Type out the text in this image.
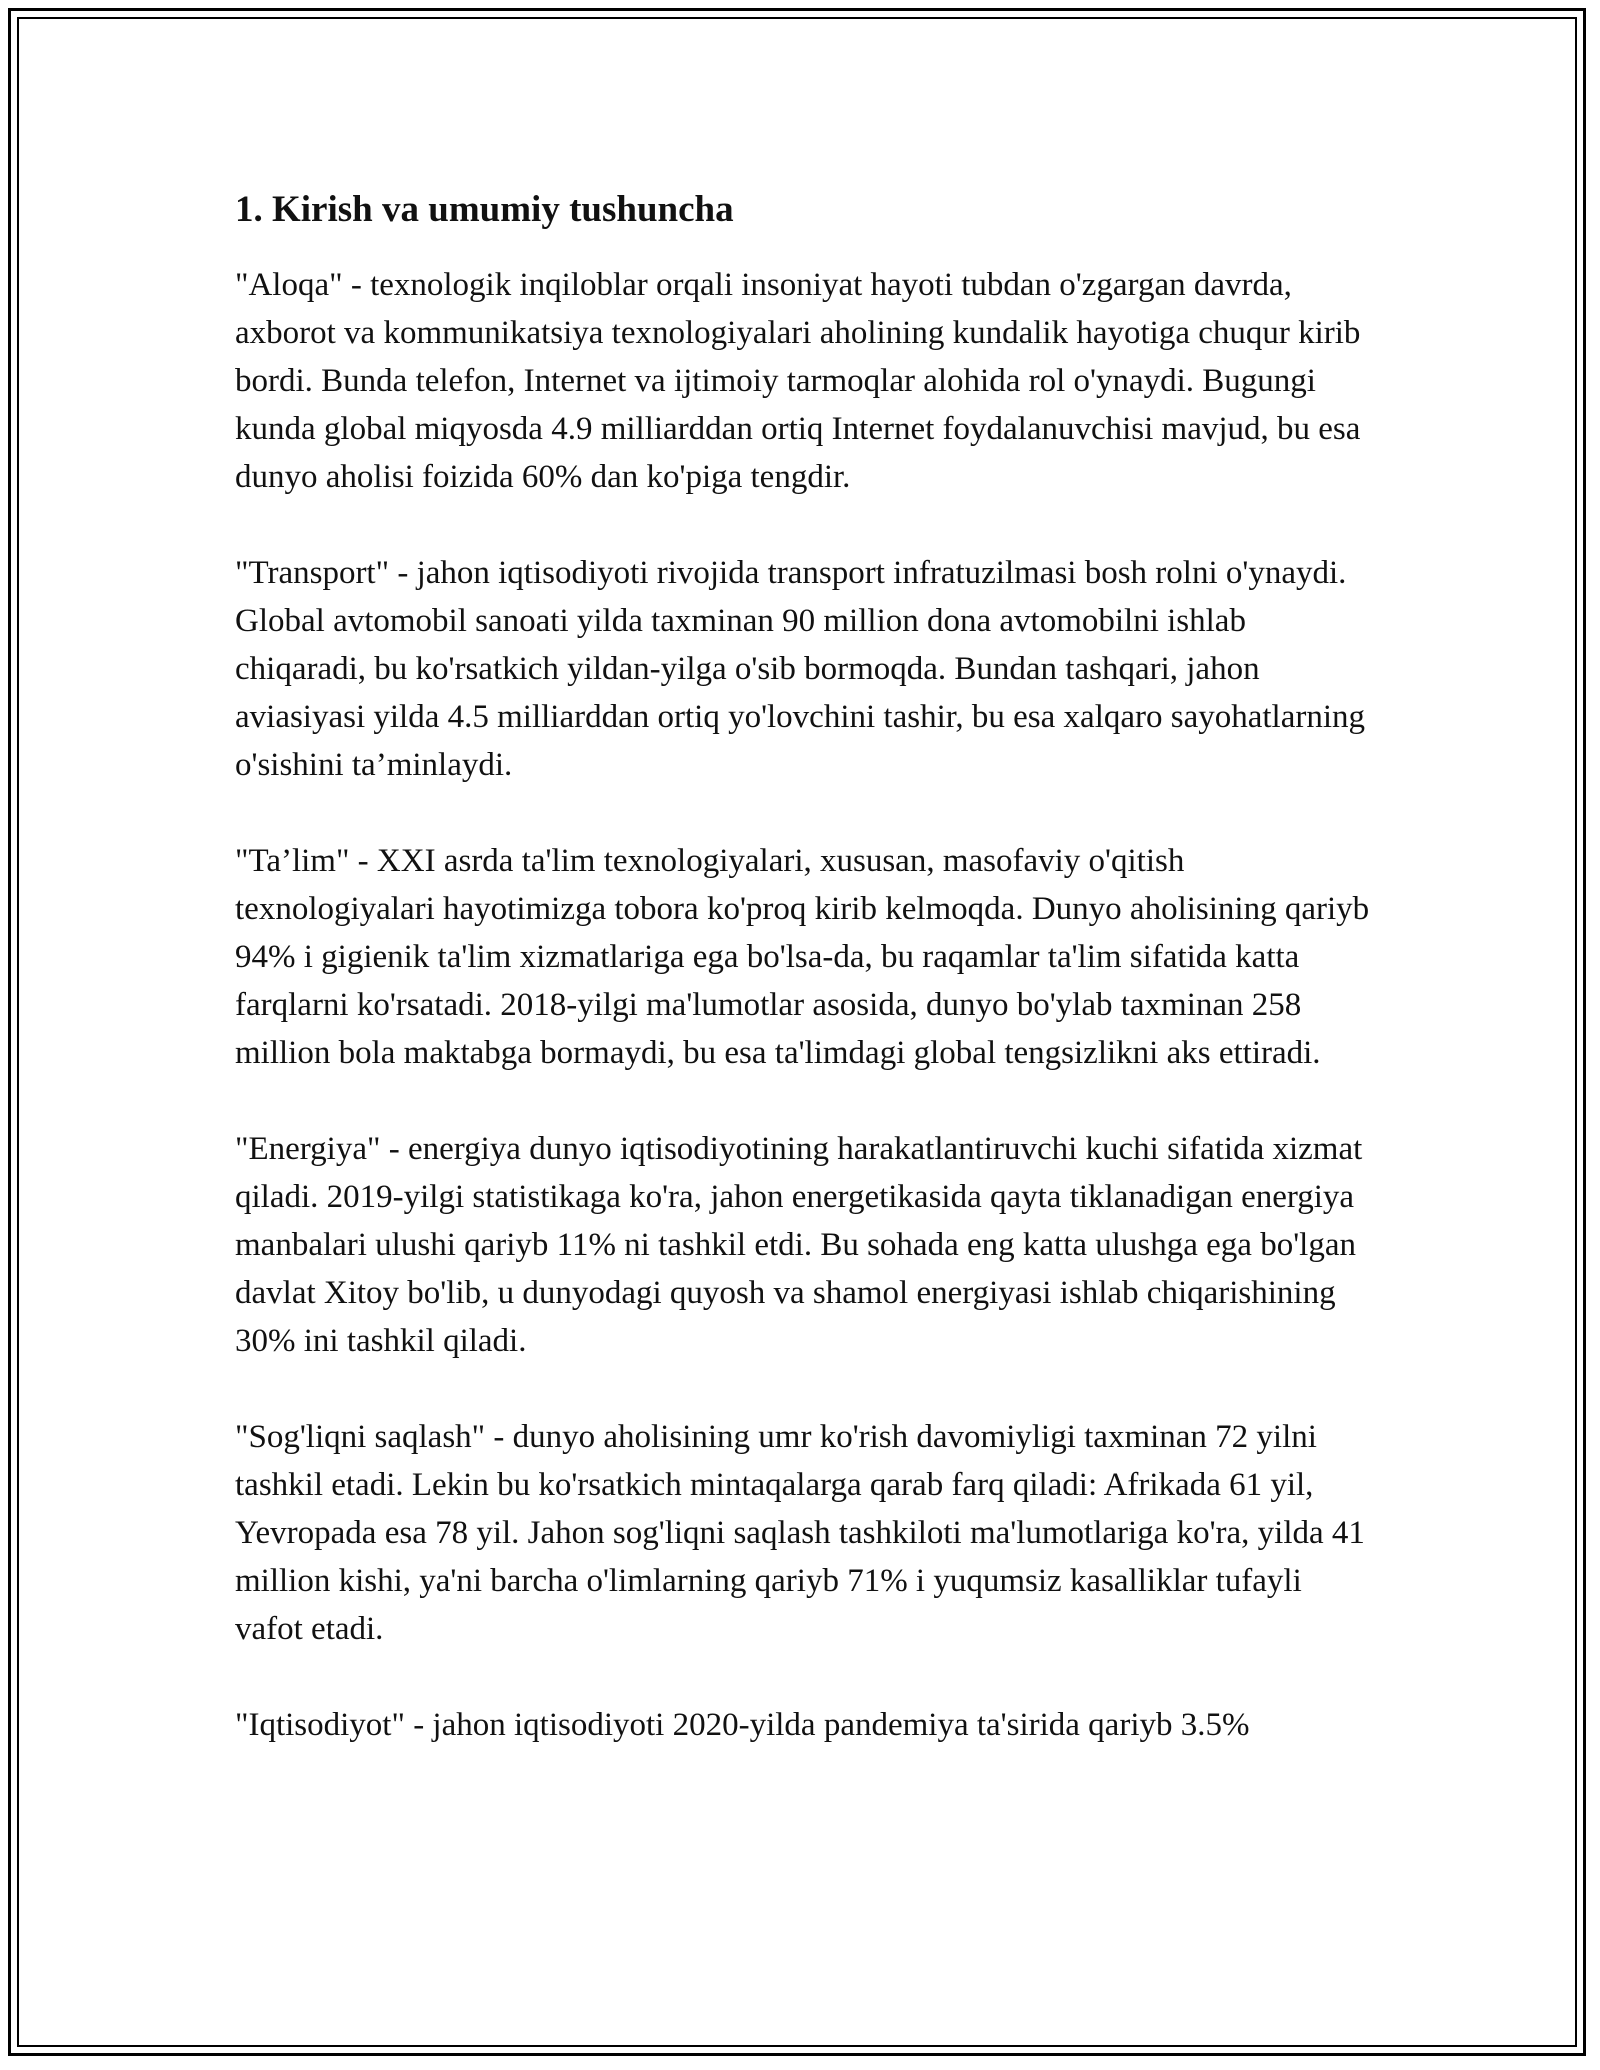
1. Kirish va umumiy tushuncha

"Aloqa" - texnologik inqiloblar orqali insoniyat hayoti tubdan o'zgargan davrda, axborot va kommunikatsiya texnologiyalari aholining kundalik hayotiga chuqur kirib bordi. Bunda telefon, Internet va ijtimoiy tarmoqlar alohida rol o'ynaydi. Bugungi kunda global miqyosda 4.9 milliarddan ortiq Internet foydalanuvchisi mavjud, bu esa dunyo aholisi foizida 60% dan ko'piga tengdir.

"Transport" - jahon iqtisodiyoti rivojida transport infratuzilmasi bosh rolni o'ynaydi. Global avtomobil sanoati yilda taxminan 90 million dona avtomobilni ishlab chiqaradi, bu ko'rsatkich yildan-yilga o'sib bormoqda. Bundan tashqari, jahon aviasiyasi yilda 4.5 milliarddan ortiq yo'lovchini tashir, bu esa xalqaro sayohatlarning o'sishini ta’minlaydi.

"Ta’lim" - XXI asrda ta'lim texnologiyalari, xususan, masofaviy o'qitish texnologiyalari hayotimizga tobora ko'proq kirib kelmoqda. Dunyo aholisining qariyb 94% i gigienik ta'lim xizmatlariga ega bo'lsa-da, bu raqamlar ta'lim sifatida katta farqlarni ko'rsatadi. 2018-yilgi ma'lumotlar asosida, dunyo bo'ylab taxminan 258 million bola maktabga bormaydi, bu esa ta'limdagi global tengsizlikni aks ettiradi.

"Energiya" - energiya dunyo iqtisodiyotining harakatlantiruvchi kuchi sifatida xizmat qiladi. 2019-yilgi statistikaga ko'ra, jahon energetikasida qayta tiklanadigan energiya manbalari ulushi qariyb 11% ni tashkil etdi. Bu sohada eng katta ulushga ega bo'lgan davlat Xitoy bo'lib, u dunyodagi quyosh va shamol energiyasi ishlab chiqarishining 30% ini tashkil qiladi.

"Sog'liqni saqlash" - dunyo aholisining umr ko'rish davomiyligi taxminan 72 yilni tashkil etadi. Lekin bu ko'rsatkich mintaqalarga qarab farq qiladi: Afrikada 61 yil, Yevropada esa 78 yil. Jahon sog'liqni saqlash tashkiloti ma'lumotlariga ko'ra, yilda 41 million kishi, ya'ni barcha o'limlarning qariyb 71% i yuqumsiz kasalliklar tufayli vafot etadi.

"Iqtisodiyot" - jahon iqtisodiyoti 2020-yilda pandemiya ta'sirida qariyb 3.5%
